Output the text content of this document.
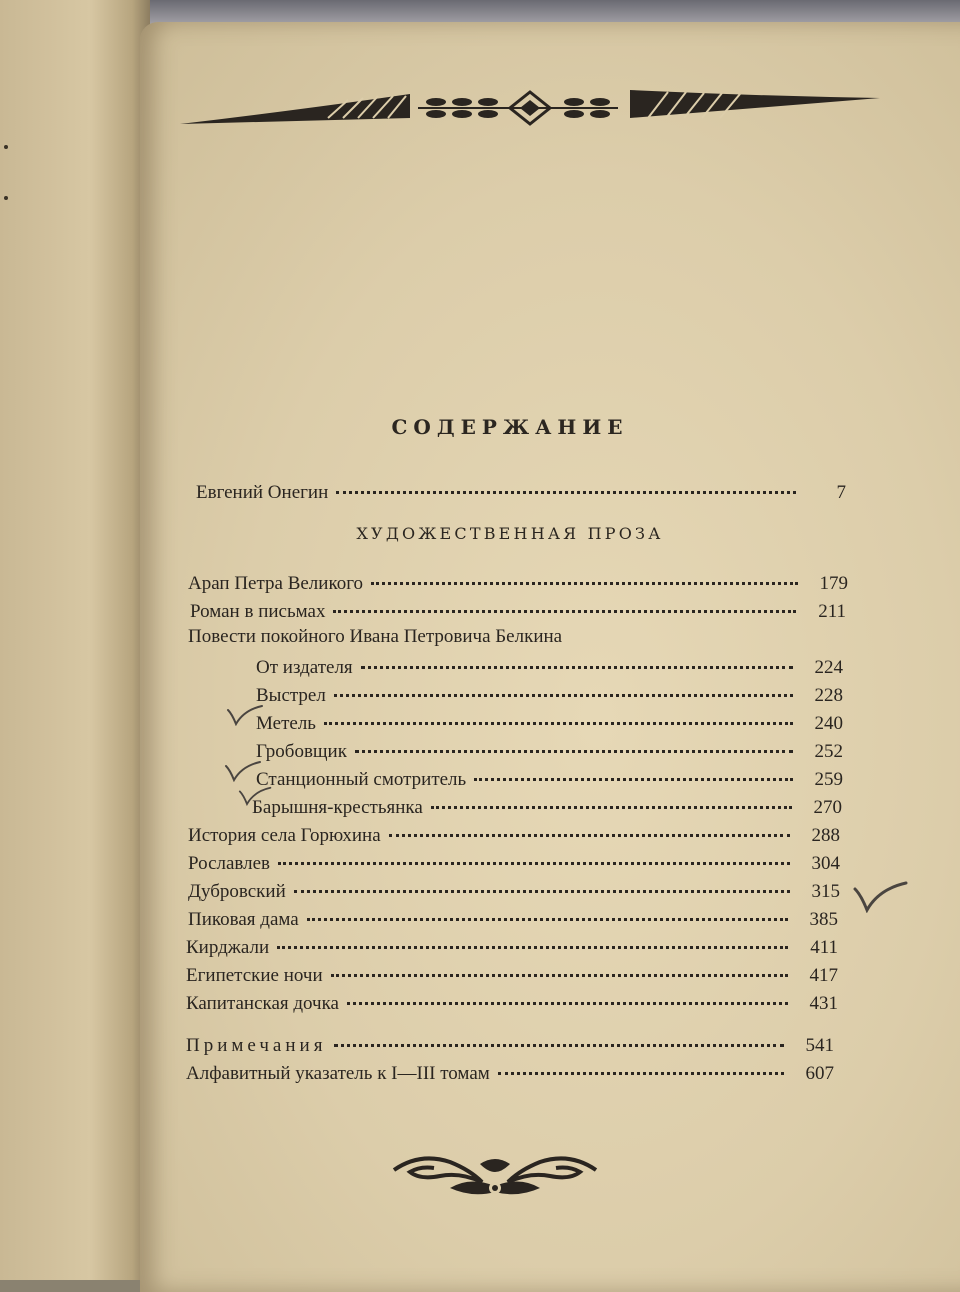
СОДЕРЖАНИЕ
Евгений Онегин	7
ХУДОЖЕСТВЕННАЯ ПРОЗА
Арап Петра Великого	179
Роман в письмах	211
Повести покойного Ивана Петровича Белкина
От издателя	224
Выстрел	228
Метель	240
Гробовщик	252
Станционный смотритель	259
Барышня-крестьянка	270
История села Горюхина	288
Рославлев	304
Дубровский	315
Пиковая дама	385
Кирджали	411
Египетские ночи	417
Капитанская дочка	431
Примечания	541
Алфавитный указатель к I—III томам	607
